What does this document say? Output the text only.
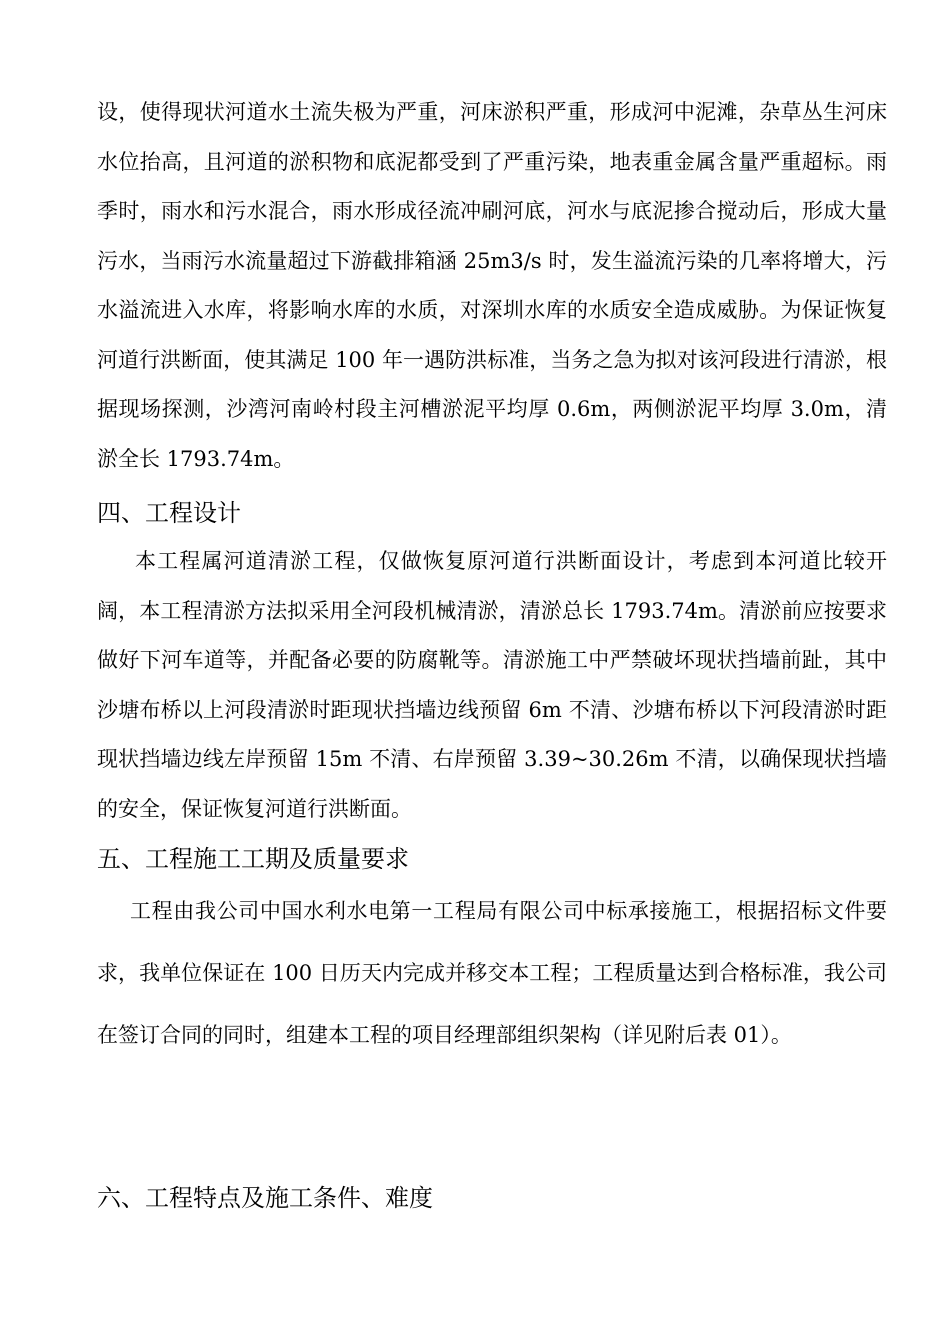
设，使得现状河道水土流失极为严重，河床淤积严重，形成河中泥滩，杂草丛生河床水位抬高，且河道的淤积物和底泥都受到了严重污染，地表重金属含量严重超标。雨季时，雨水和污水混合，雨水形成径流冲刷河底，河水与底泥掺合搅动后，形成大量污水，当雨污水流量超过下游截排箱涵 25m3/s 时，发生溢流污染的几率将增大，污水溢流进入水库，将影响水库的水质，对深圳水库的水质安全造成威胁。为保证恢复河道行洪断面，使其满足 100 年一遇防洪标准，当务之急为拟对该河段进行清淤，根据现场探测，沙湾河南岭村段主河槽淤泥平均厚 0.6m，两侧淤泥平均厚 3.0m，清淤全长 1793.74m。

四、工程设计

本工程属河道清淤工程，仅做恢复原河道行洪断面设计，考虑到本河道比较开阔，本工程清淤方法拟采用全河段机械清淤，清淤总长 1793.74m。清淤前应按要求做好下河车道等，并配备必要的防腐靴等。清淤施工中严禁破坏现状挡墙前趾，其中沙塘布桥以上河段清淤时距现状挡墙边线预留 6m 不清、沙塘布桥以下河段清淤时距现状挡墙边线左岸预留 15m 不清、右岸预留 3.39~30.26m 不清，以确保现状挡墙的安全，保证恢复河道行洪断面。

五、工程施工工期及质量要求

工程由我公司中国水利水电第一工程局有限公司中标承接施工，根据招标文件要求，我单位保证在 100 日历天内完成并移交本工程；工程质量达到合格标准，我公司在签订合同的同时，组建本工程的项目经理部组织架构（详见附后表 01）。

六、工程特点及施工条件、难度
